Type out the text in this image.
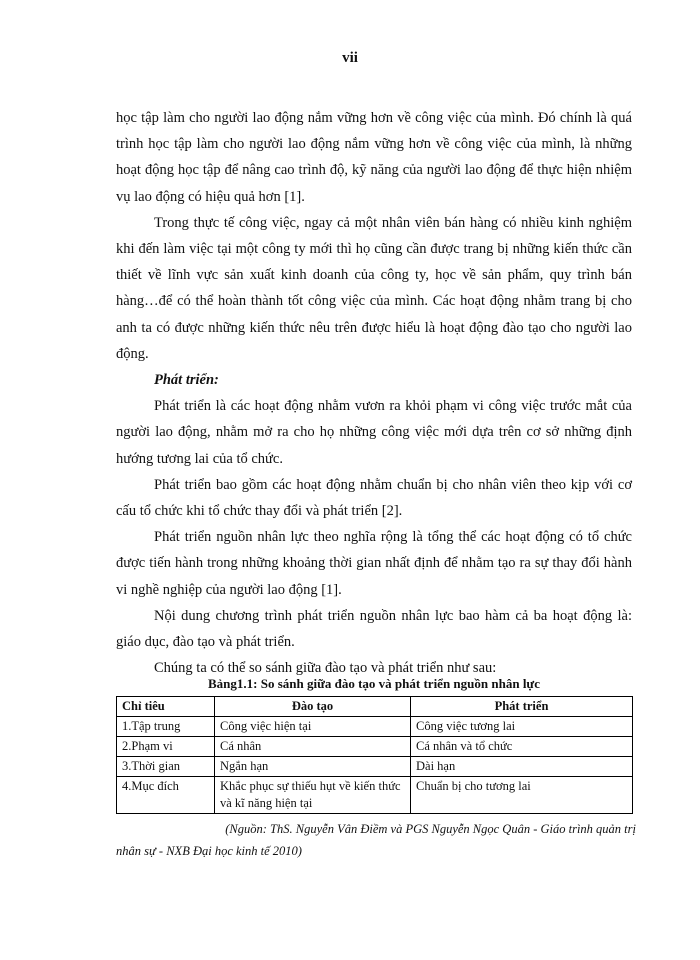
vii

học tập làm cho người lao động nắm vững hơn về công việc của mình. Đó chính là quá trình học tập làm cho người lao động nắm vững hơn về công việc của mình, là những hoạt động học tập để nâng cao trình độ, kỹ năng của người lao động để thực hiện nhiệm vụ lao động có hiệu quả hơn [1].

Trong thực tế công việc, ngay cả một nhân viên bán hàng có nhiều kinh nghiệm khi đến làm việc tại một công ty mới thì họ cũng cần được trang bị những kiến thức cần thiết về lĩnh vực sản xuất kinh doanh của công ty, học về sản phẩm, quy trình bán hàng…để có thể hoàn thành tốt công việc của mình. Các hoạt động nhằm trang bị cho anh ta có được những kiến thức nêu trên được hiểu là hoạt động đào tạo cho người lao động.

Phát triển:

Phát triển là các hoạt động nhằm vươn ra khỏi phạm vi công việc trước mắt của người lao động, nhằm mở ra cho họ những công việc mới dựa trên cơ sở những định hướng tương lai của tổ chức.

Phát triển bao gồm các hoạt động nhằm chuẩn bị cho nhân viên theo kịp với cơ cấu tổ chức khi tổ chức thay đổi và phát triển [2].

Phát triển nguồn nhân lực theo nghĩa rộng là tổng thể các hoạt động có tổ chức được tiến hành trong những khoảng thời gian nhất định để nhằm tạo ra sự thay đổi hành vi nghề nghiệp của người lao động [1].

Nội dung chương trình phát triển nguồn nhân lực bao hàm cả ba hoạt động là: giáo dục, đào tạo và phát triển.

Chúng ta có thể so sánh giữa đào tạo và phát triển như sau:

Bảng1.1: So sánh giữa đào tạo và phát triển nguồn nhân lực
Chỉ tiêu	Đào tạo	Phát triển
1.Tập trung	Công việc hiện tại	Công việc tương lai
2.Phạm vi	Cá nhân	Cá nhân và tổ chức
3.Thời gian	Ngắn hạn	Dài hạn
4.Mục đích	Khắc phục sự thiếu hụt về kiến thức và kĩ năng hiện tại	Chuẩn bị cho tương lai
(Nguồn: ThS. Nguyễn Vân Điềm và PGS Nguyễn Ngọc Quân - Giáo trình quản trị
nhân sự - NXB Đại học kinh tế 2010)
